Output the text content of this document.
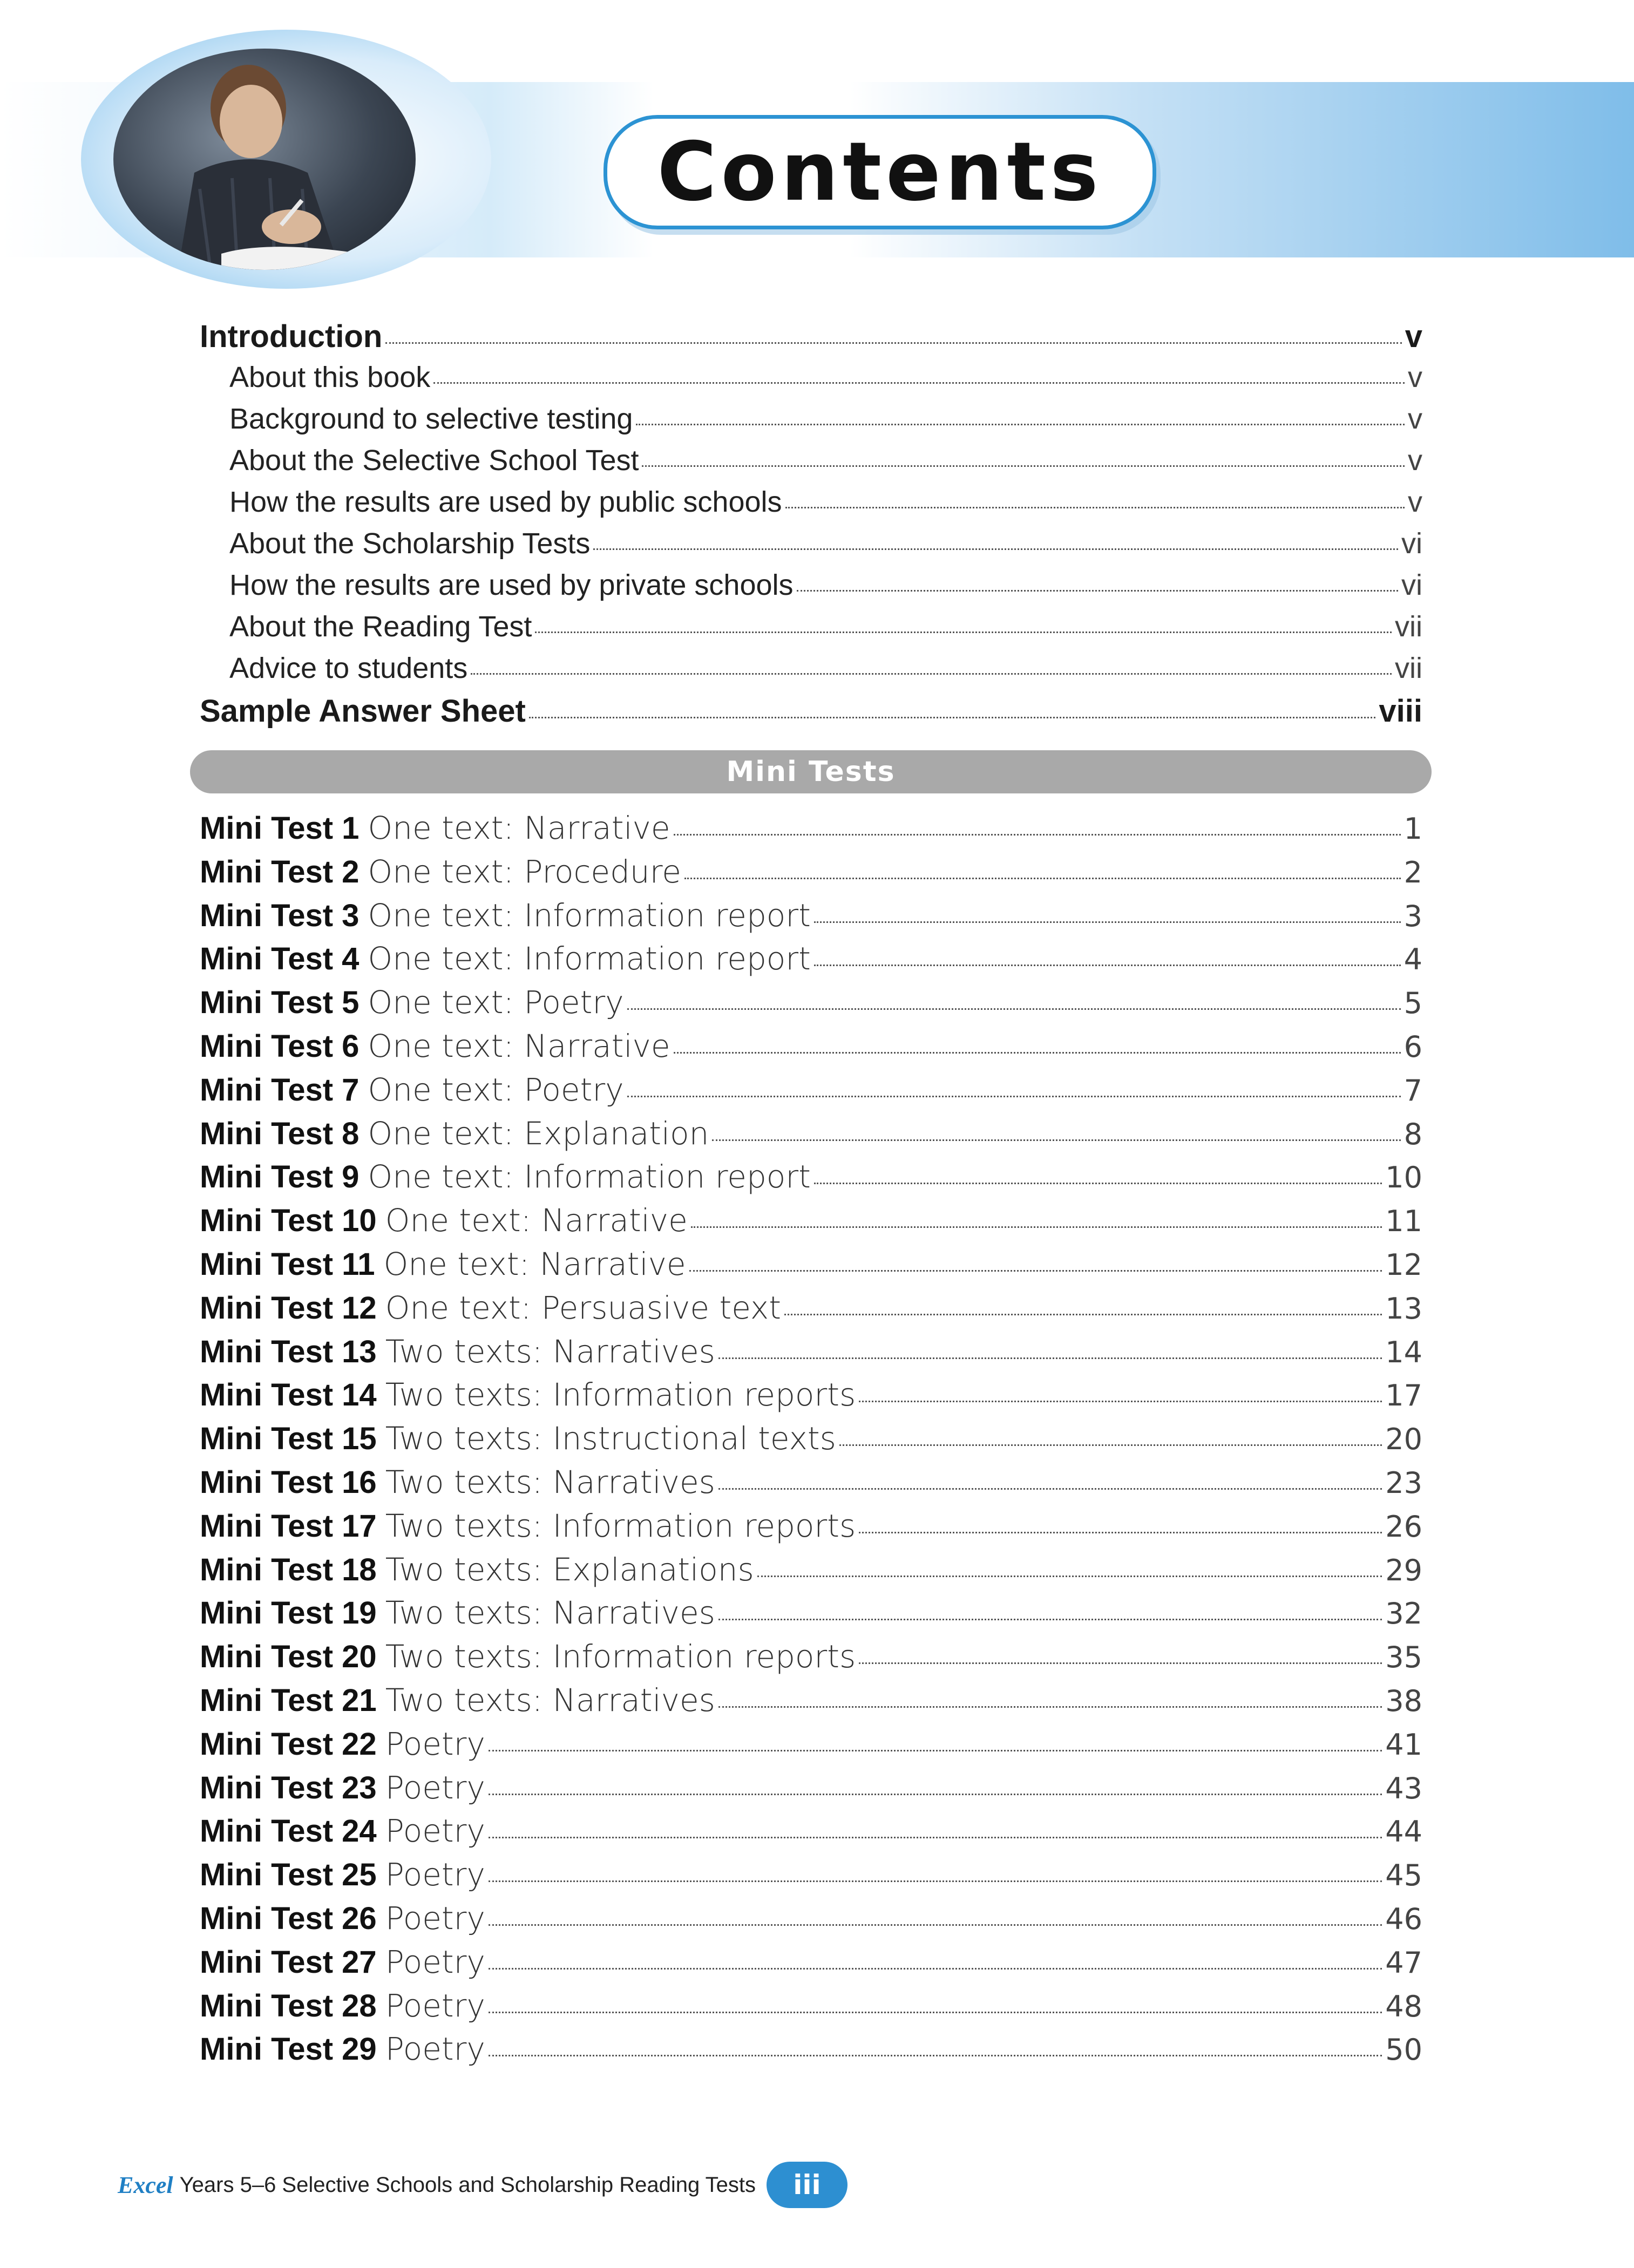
Contents
Introduction	v
About this book	v
Background to selective testing	v
About the Selective School Test	v
How the results are used by public schools	v
About the Scholarship Tests	vi
How the results are used by private schools	vi
About the Reading Test	vii
Advice to students	vii
Sample Answer Sheet	viii
Mini Tests
Mini Test 1 One text: Narrative	1
Mini Test 2 One text: Procedure	2
Mini Test 3 One text: Information report	3
Mini Test 4 One text: Information report	4
Mini Test 5 One text: Poetry	5
Mini Test 6 One text: Narrative	6
Mini Test 7 One text: Poetry	7
Mini Test 8 One text: Explanation	8
Mini Test 9 One text: Information report	10
Mini Test 10 One text: Narrative	11
Mini Test 11 One text: Narrative	12
Mini Test 12 One text: Persuasive text	13
Mini Test 13 Two texts: Narratives	14
Mini Test 14 Two texts: Information reports	17
Mini Test 15 Two texts: Instructional texts	20
Mini Test 16 Two texts: Narratives	23
Mini Test 17 Two texts: Information reports	26
Mini Test 18 Two texts: Explanations	29
Mini Test 19 Two texts: Narratives	32
Mini Test 20 Two texts: Information reports	35
Mini Test 21 Two texts: Narratives	38
Mini Test 22 Poetry	41
Mini Test 23 Poetry	43
Mini Test 24 Poetry	44
Mini Test 25 Poetry	45
Mini Test 26 Poetry	46
Mini Test 27 Poetry	47
Mini Test 28 Poetry	48
Mini Test 29 Poetry	50
Excel Years 5–6 Selective Schools and Scholarship Reading Tests	iii
